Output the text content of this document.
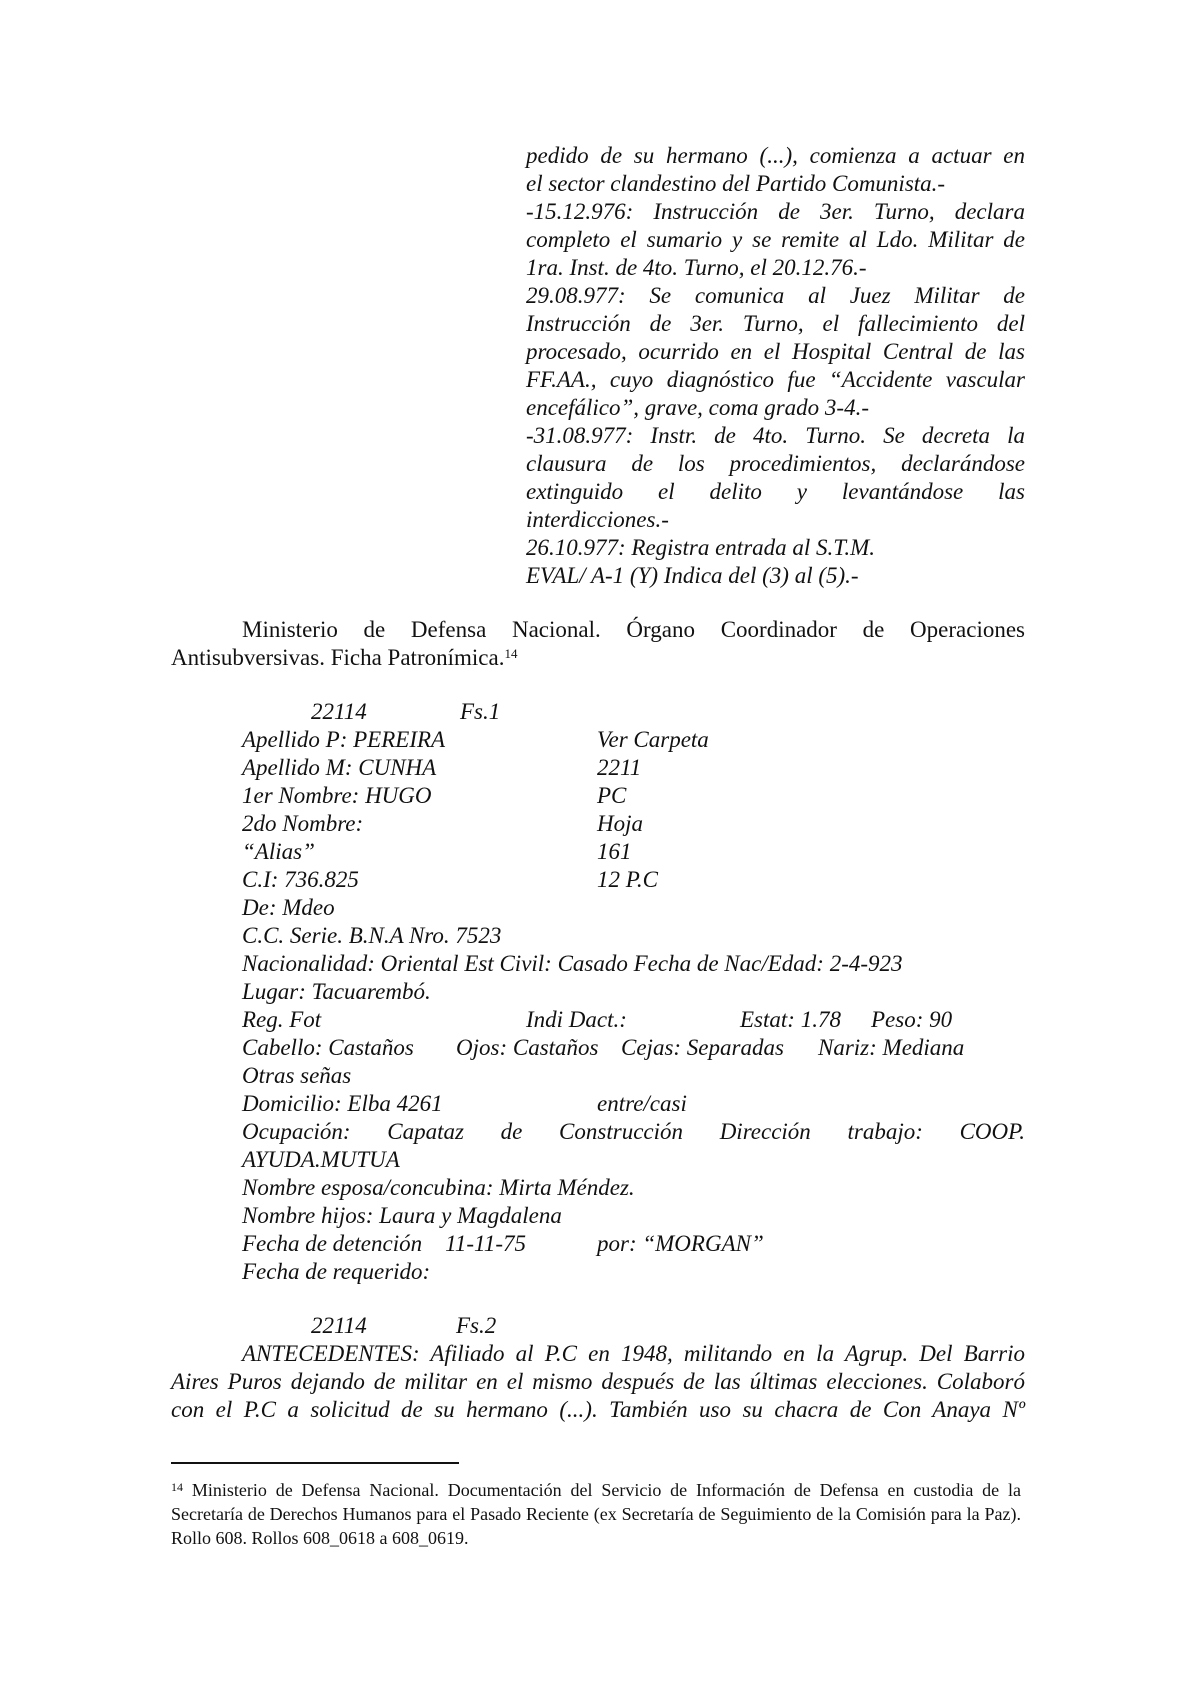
pedido de su hermano (...), comienza a actuar en
el sector clandestino del Partido Comunista.-
-15.12.976: Instrucción de 3er. Turno, declara
completo el sumario y se remite al Ldo. Militar de
1ra. Inst. de 4to. Turno, el 20.12.76.-
29.08.977: Se comunica al Juez Militar de
Instrucción de 3er. Turno, el fallecimiento del
procesado, ocurrido en el Hospital Central de las
FF.AA., cuyo diagnóstico fue “Accidente vascular
encefálico”, grave, coma grado 3-4.-
-31.08.977: Instr. de 4to. Turno. Se decreta la
clausura de los procedimientos, declarándose
extinguido el delito y levantándose las
interdicciones.-
26.10.977: Registra entrada al S.T.M.
EVAL/ A-1 (Y) Indica del (3) al (5).-
Ministerio de Defensa Nacional. Órgano Coordinador de Operaciones
Antisubversivas. Ficha Patronímica.$^{14}$
22114	Fs.1
Apellido P: PEREIRA	Ver Carpeta
Apellido M: CUNHA	2211
1er Nombre: HUGO	PC
2do Nombre:	Hoja
“Alias”	161
C.I: 736.825	12 P.C
De: Mdeo
C.C. Serie. B.N.A Nro. 7523
Nacionalidad: Oriental Est Civil: Casado Fecha de Nac/Edad: 2-4-923
Lugar: Tacuarembó.
Reg. Fot	Indi Dact.:	Estat: 1.78 Peso: 90
Cabello: Castaños Ojos: Castaños Cejas: Separadas Nariz: Mediana
Otras señas
Domicilio: Elba 4261	entre/casi
Ocupación: Capataz de Construcción Dirección trabajo: COOP.
AYUDA.MUTUA
Nombre esposa/concubina: Mirta Méndez.
Nombre hijos: Laura y Magdalena
Fecha de detención    11-11-75	por: “MORGAN”
Fecha de requerido:
22114	Fs.2
ANTECEDENTES: Afiliado al P.C en 1948, militando en la Agrup. Del Barrio
Aires Puros dejando de militar en el mismo después de las últimas elecciones. Colaboró
con el P.C a solicitud de su hermano (...). También uso su chacra de Con Anaya Nº
$^{14}$ Ministerio de Defensa Nacional. Documentación del Servicio de Información de Defensa en custodia de la Secretaría de Derechos Humanos para el Pasado Reciente (ex Secretaría de Seguimiento de la Comisión para la Paz). Rollo 608. Rollos 608_0618 a 608_0619.
